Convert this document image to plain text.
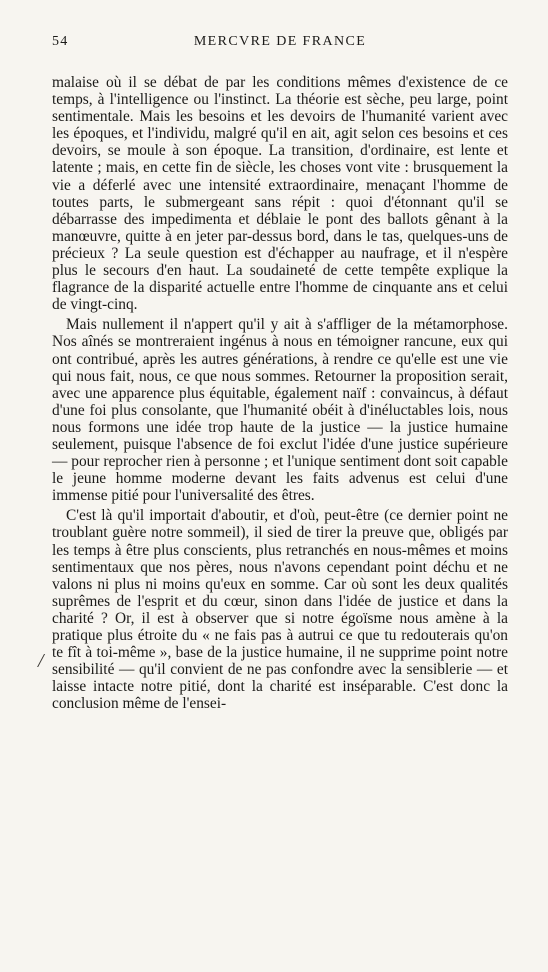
54	MERCVRE DE FRANCE

malaise où il se débat de par les conditions mêmes d'existence de ce temps, à l'intelligence ou l'instinct. La théorie est sèche, peu large, point sentimentale. Mais les besoins et les devoirs de l'humanité varient avec les époques, et l'individu, malgré qu'il en ait, agit selon ces besoins et ces devoirs, se moule à son époque. La transition, d'ordinaire, est lente et latente ; mais, en cette fin de siècle, les choses vont vite : brusquement la vie a déferlé avec une intensité extraordinaire, menaçant l'homme de toutes parts, le submergeant sans répit : quoi d'étonnant qu'il se débarrasse des impedimenta et déblaie le pont des ballots gênant à la manœuvre, quitte à en jeter par-dessus bord, dans le tas, quelques-uns de précieux ? La seule question est d'échapper au naufrage, et il n'espère plus le secours d'en haut. La soudaineté de cette tempête explique la flagrance de la disparité actuelle entre l'homme de cinquante ans et celui de vingt-cinq.

Mais nullement il n'appert qu'il y ait à s'affliger de la métamorphose. Nos aînés se montreraient ingénus à nous en témoigner rancune, eux qui ont contribué, après les autres générations, à rendre ce qu'elle est une vie qui nous fait, nous, ce que nous sommes. Retourner la proposition serait, avec une apparence plus équitable, également naïf : convaincus, à défaut d'une foi plus consolante, que l'humanité obéit à d'inéluctables lois, nous nous formons une idée trop haute de la justice — la justice humaine seulement, puisque l'absence de foi exclut l'idée d'une justice supérieure — pour reprocher rien à personne ; et l'unique sentiment dont soit capable le jeune homme moderne devant les faits advenus est celui d'une immense pitié pour l'universalité des êtres.

C'est là qu'il importait d'aboutir, et d'où, peut-être (ce dernier point ne troublant guère notre sommeil), il sied de tirer la preuve que, obligés par les temps à être plus conscients, plus retranchés en nous-mêmes et moins sentimentaux que nos pères, nous n'avons cependant point déchu et ne valons ni plus ni moins qu'eux en somme. Car où sont les deux qualités suprêmes de l'esprit et du cœur, sinon dans l'idée de justice et dans la charité ? Or, il est à observer que si notre égoïsme nous amène à la pratique plus étroite du « ne fais pas à autrui ce que tu redouterais qu'on te fît à toi-même », base de la justice humaine, il ne supprime point notre sensibilité — qu'il convient de ne pas confondre avec la sensiblerie — et laisse intacte notre pitié, dont la charité est inséparable. C'est donc la conclusion même de l'ensei-

/
